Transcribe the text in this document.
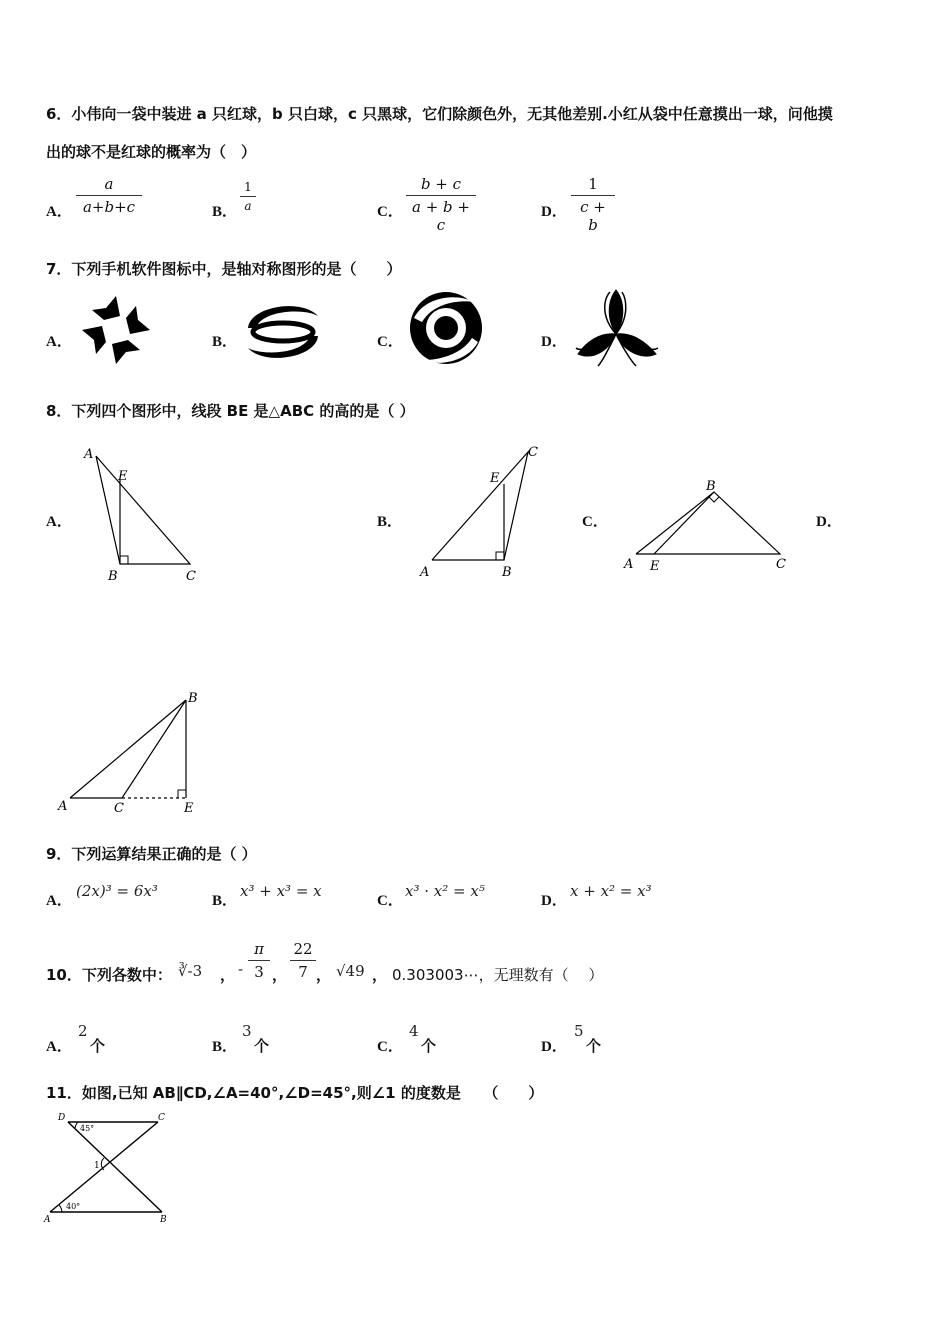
6．小伟向一袋中装进 a 只红球，b 只白球，c 只黑球，它们除颜色外，无其他差别.小红从袋中任意摸出一球，问他摸
出的球不是红球的概率为（　）
A． $\frac{a}{a+b+c}$	B． $\frac{1}{a}$	C． $\frac{b + c}{a + b + c}$	D． $\frac{1}{c + b}$
7．下列手机软件图标中，是轴对称图形的是（　　）
A．	B．	C．	D．
8．下列四个图形中，线段 BE 是△ABC 的高的是（ ）
A．
A
E
B	C
B．
A
E
B
C
C．
A E
B
C
D．
A	C
B
E
9．下列运算结果正确的是（ ）
A．
(2x)³ = 6x³
B．
x³ + x³ = x
C．
x³ · x² = x⁵
D．
x + x² = x³
10．下列各数中： ∛-3 ， - $\frac{\pi}{3}$ ， $\frac{22}{7}$ ， √49 ， 0.303003⋯，无理数有（　 ）
A．
2
个	B．
3
个	C．
4
个	D．
5
个
11．如图,已知 AB∥CD,∠A=40°,∠D=45°,则∠1 的度数是　　（　　）
D	C
A	B
45°
40°
1
